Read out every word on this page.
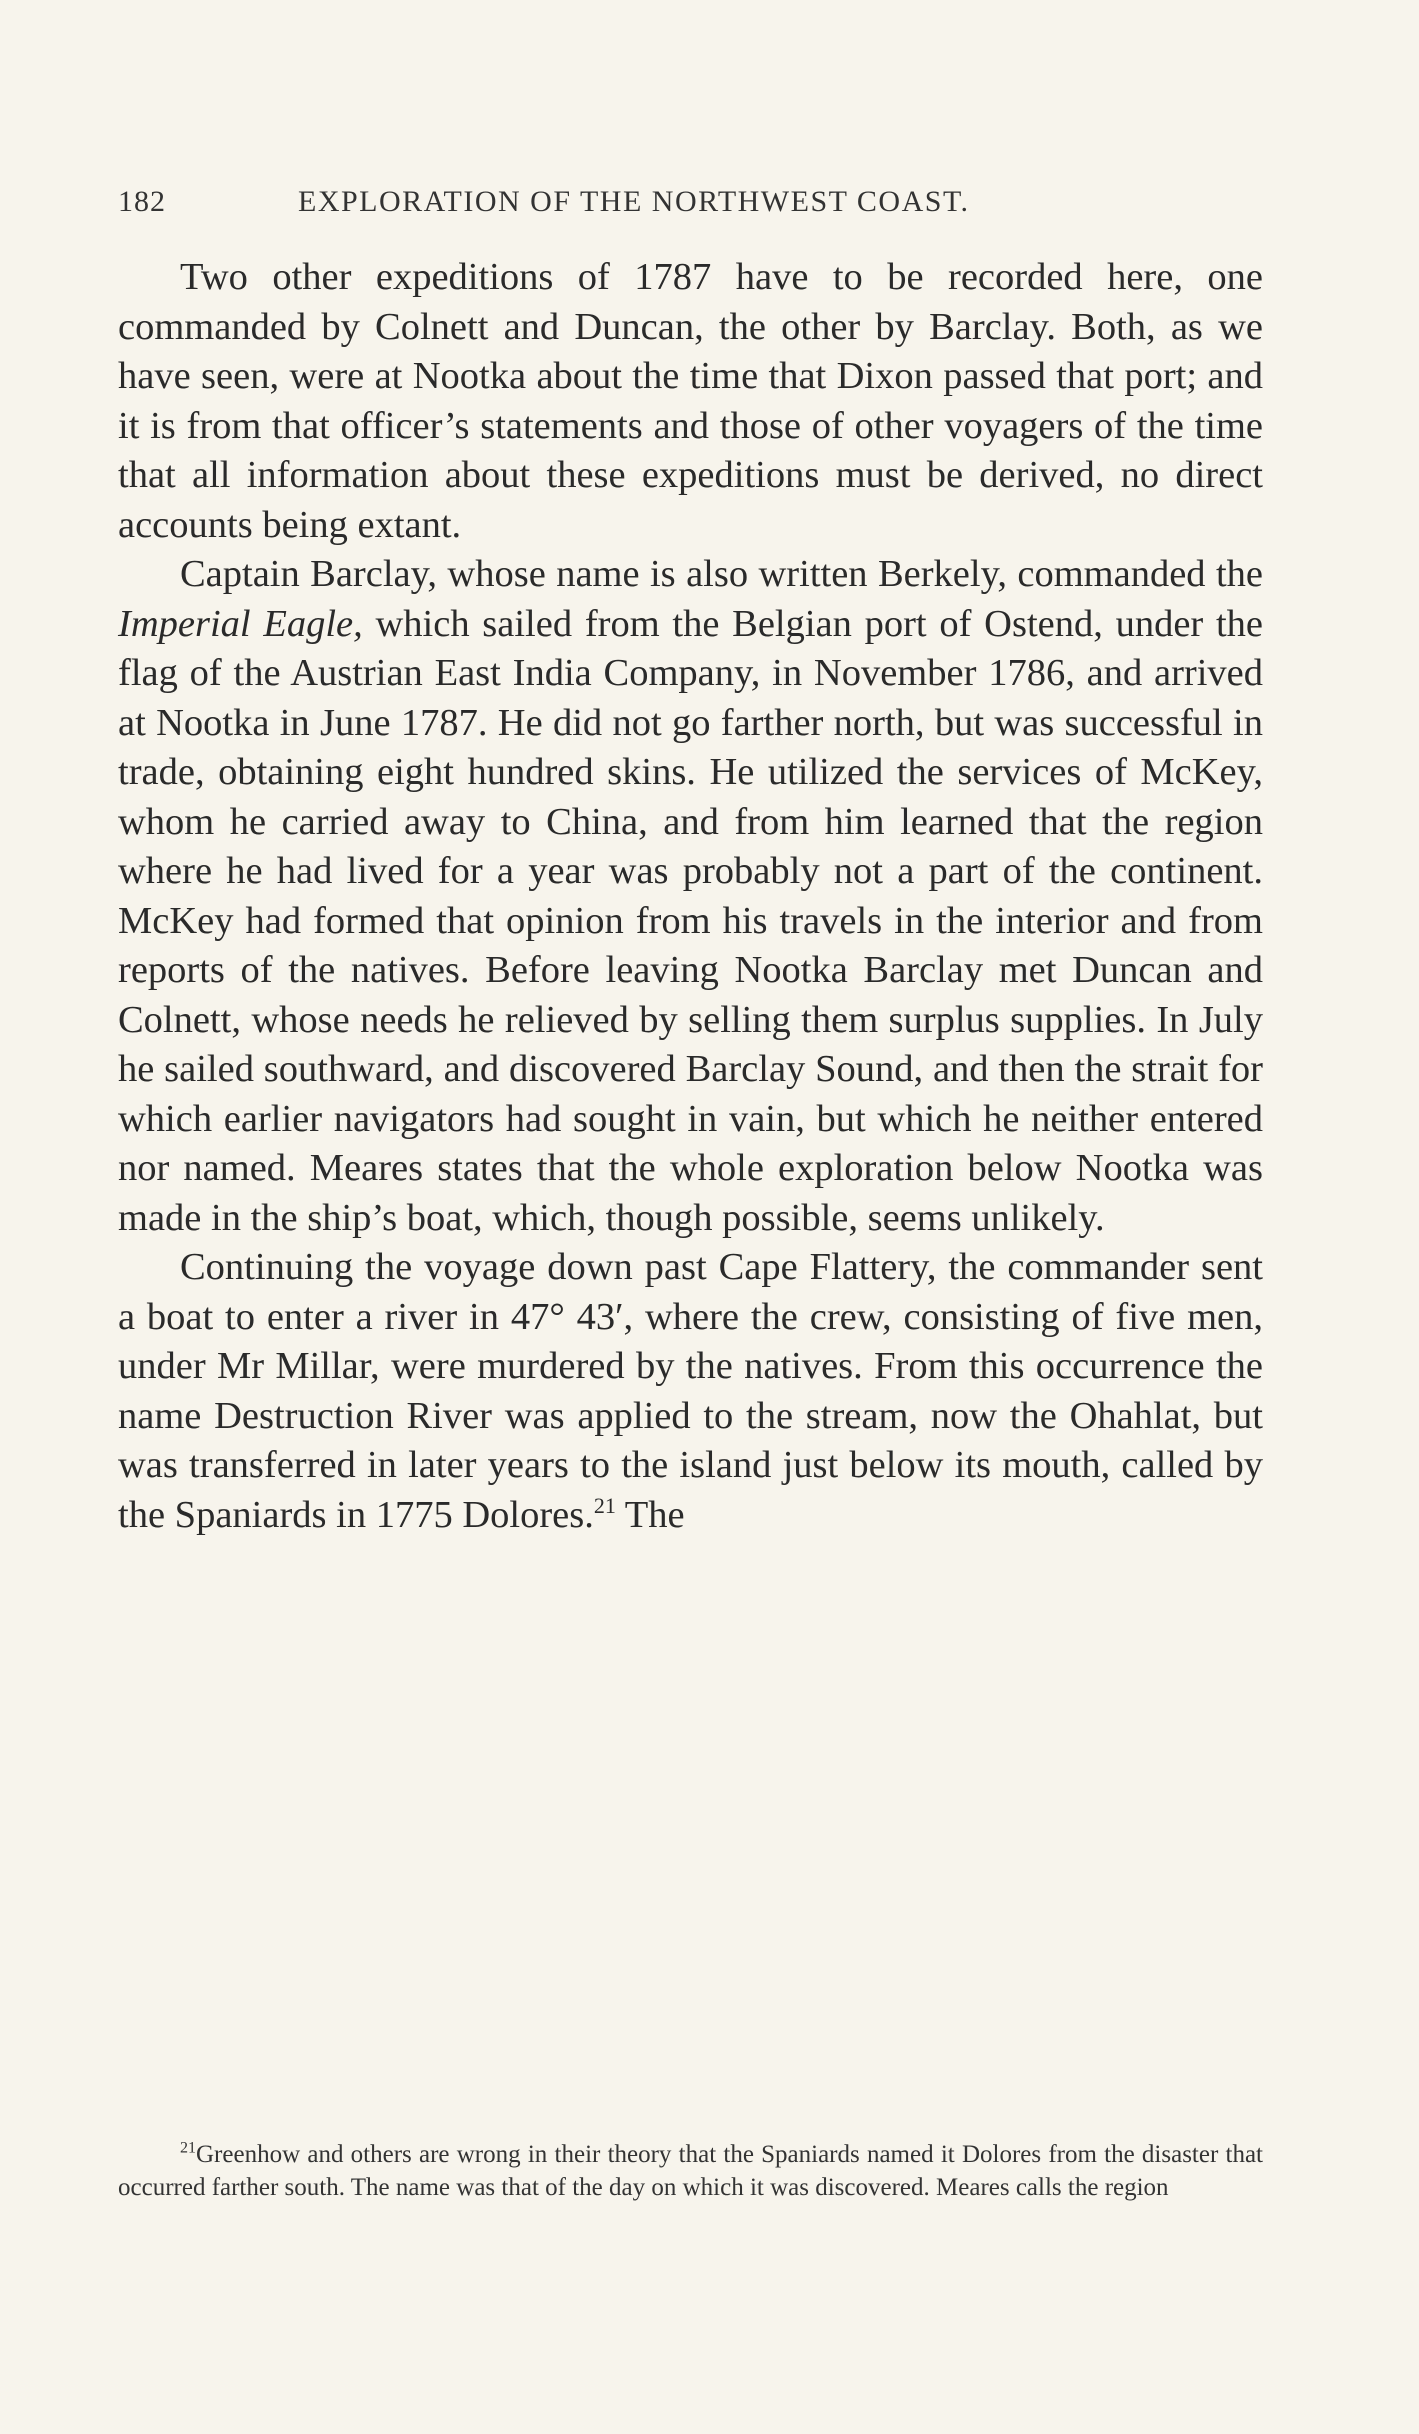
182	EXPLORATION OF THE NORTHWEST COAST.

Two other expeditions of 1787 have to be recorded here, one commanded by Colnett and Duncan, the other by Barclay. Both, as we have seen, were at Nootka about the time that Dixon passed that port; and it is from that officer’s statements and those of other voyagers of the time that all information about these expeditions must be derived, no direct accounts being extant.

Captain Barclay, whose name is also written Berkely, commanded the Imperial Eagle, which sailed from the Belgian port of Ostend, under the flag of the Austrian East India Company, in November 1786, and arrived at Nootka in June 1787. He did not go farther north, but was successful in trade, obtaining eight hundred skins. He utilized the services of McKey, whom he carried away to China, and from him learned that the region where he had lived for a year was probably not a part of the continent. McKey had formed that opinion from his travels in the interior and from reports of the natives. Before leaving Nootka Barclay met Duncan and Colnett, whose needs he relieved by selling them surplus supplies. In July he sailed southward, and discovered Barclay Sound, and then the strait for which earlier navigators had sought in vain, but which he neither entered nor named. Meares states that the whole exploration below Nootka was made in the ship’s boat, which, though possible, seems unlikely.

Continuing the voyage down past Cape Flattery, the commander sent a boat to enter a river in 47° 43′, where the crew, consisting of five men, under Mr Millar, were murdered by the natives. From this occurrence the name Destruction River was applied to the stream, now the Ohahlat, but was transferred in later years to the island just below its mouth, called by the Spaniards in 1775 Dolores.$^{21}$ The

$^{21}$Greenhow and others are wrong in their theory that the Spaniards named it Dolores from the disaster that occurred farther south. The name was that of the day on which it was discovered. Meares calls the region
